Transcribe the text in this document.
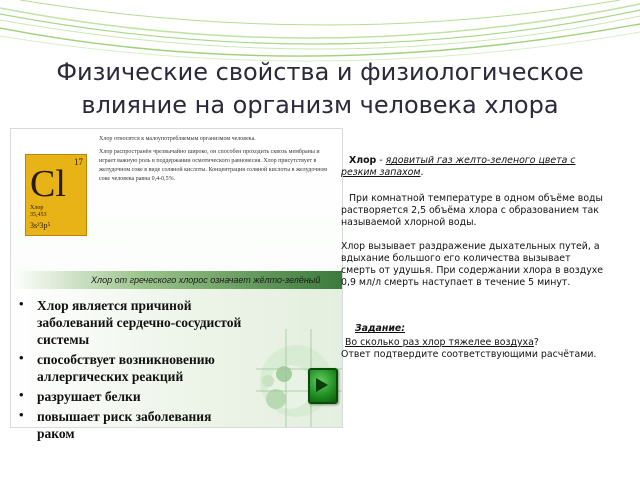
Физические свойства и физиологическое
влияние на организм человека хлора
17
Cl
Хлор
35,453
3s²3p⁵

Хлор относится к малоупотребляемым организмом человека.

Хлор распространён чрезвычайно широко, он способен проходить сквозь мембраны и играет важную роль в поддержании осмотического равновесия. Хлор присутствует в желудочном соке в виде соляной кислоты. Концентрация соляной кислоты в желудочном соке человека равна 0,4-0,5%.

Хлор от греческого хлорос означает жёлто-зелёный
• Хлор является причиной заболеваний сердечно-сосудистой системы
• способствует возникновению аллергических реакций
• разрушает белки
• повышает риск заболевания раком

Хлор - ядовитый газ желто-зеленого цвета с резким запахом.

При комнатной температуре в одном объёме воды растворяется 2,5 объёма хлора с образованием так называемой хлорной воды.

Хлор вызывает раздражение дыхательных путей, а вдыхание большого его количества вызывает смерть от удушья. При содержании хлора в воздухе 0,9 мл/л смерть наступает в течение 5 минут.

Задание:

Во сколько раз хлор тяжелее воздуха?

Ответ подтвердите соответствующими расчётами.
